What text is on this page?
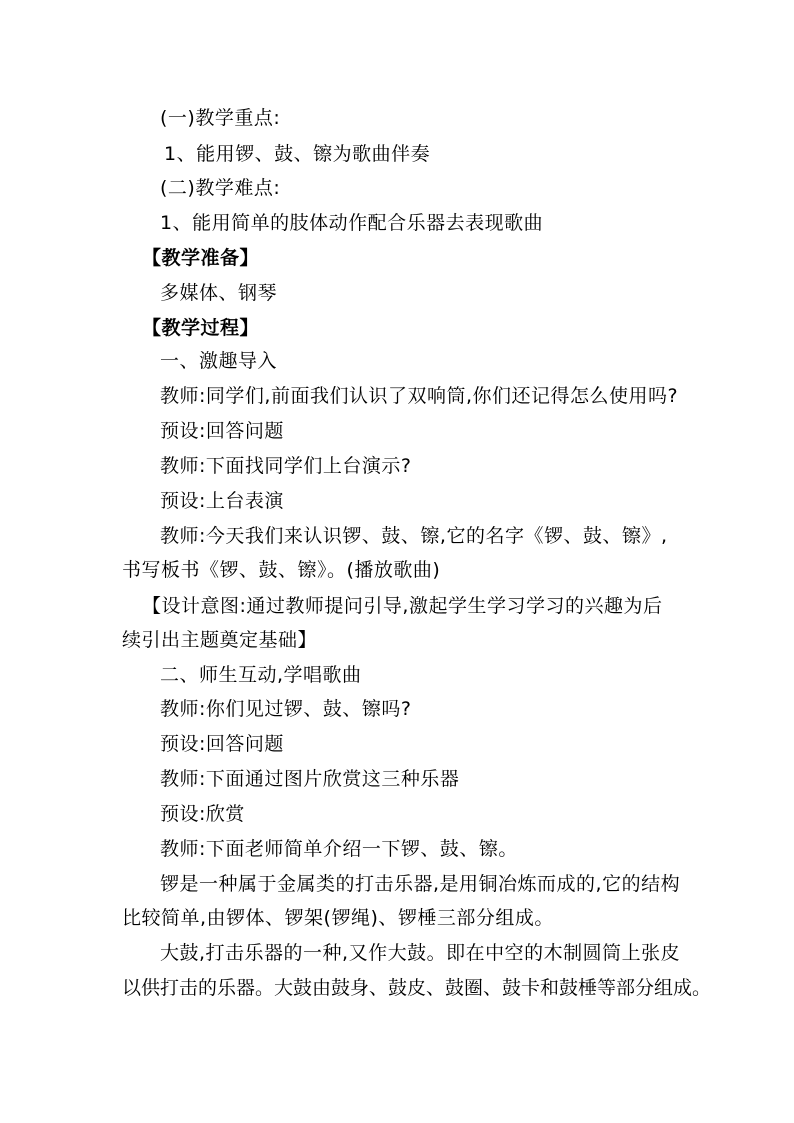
(一)教学重点:
1、能用锣、鼓、镲为歌曲伴奏
(二)教学难点:
1、能用简单的肢体动作配合乐器去表现歌曲
【教学准备】
多媒体、钢琴
【教学过程】
一、激趣导入
教师:同学们,前面我们认识了双响筒,你们还记得怎么使用吗?
预设:回答问题
教师:下面找同学们上台演示?
预设:上台表演
教师:今天我们来认识锣、鼓、镲,它的名字《锣、鼓、镲》,
书写板书《锣、鼓、镲》。(播放歌曲)
【设计意图:通过教师提问引导,激起学生学习学习的兴趣为后
续引出主题奠定基础】
二、师生互动,学唱歌曲
教师:你们见过锣、鼓、镲吗?
预设:回答问题
教师:下面通过图片欣赏这三种乐器
预设:欣赏
教师:下面老师简单介绍一下锣、鼓、镲。
锣是一种属于金属类的打击乐器,是用铜冶炼而成的,它的结构
比较简单,由锣体、锣架(锣绳)、锣棰三部分组成。
大鼓,打击乐器的一种,又作大鼓。即在中空的木制圆筒上张皮
以供打击的乐器。大鼓由鼓身、鼓皮、鼓圈、鼓卡和鼓棰等部分组成。
